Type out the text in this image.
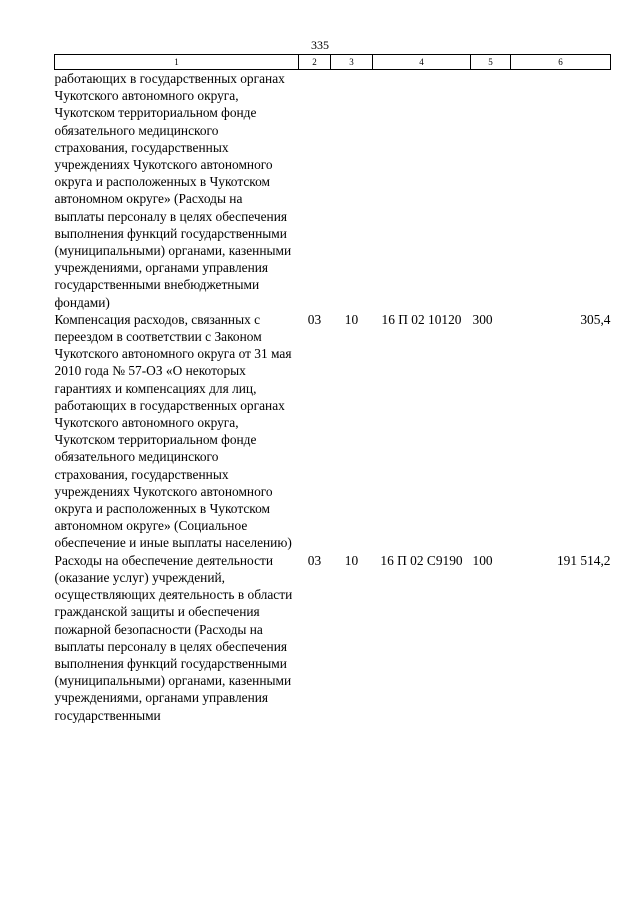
335
1	2	3	4	5	6
работающих в государственных органах Чукотского автономного округа, Чукотском территориальном фонде обязательного медицинского страхования, государственных учреждениях Чукотского автономного округа и расположенных в Чукотском автономном округе» (Расходы на выплаты персоналу в целях обеспечения выполнения функций государственными (муниципальными) органами, казенными учреждениями, органами управления государственными внебюджетными фондами)					
Компенсация расходов, связанных с переездом в соответствии с Законом Чукотского автономного округа от 31 мая 2010 года № 57-ОЗ «О некоторых гарантиях и компенсациях для лиц, работающих в государственных органах Чукотского автономного округа, Чукотском территориальном фонде обязательного медицинского страхования, государственных учреждениях Чукотского автономного округа и расположенных в Чукотском автономном округе» (Социальное обеспечение и иные выплаты населению)	03	10	16 П 02 10120	300	305,4
Расходы на обеспечение деятельности (оказание услуг) учреждений, осуществляющих деятельность в области гражданской защиты и обеспечения пожарной безопасности (Расходы на выплаты персоналу в целях обеспечения выполнения функций государственными (муниципальными) органами, казенными учреждениями, органами управления государственными	03	10	16 П 02 С9190	100	191 514,2
